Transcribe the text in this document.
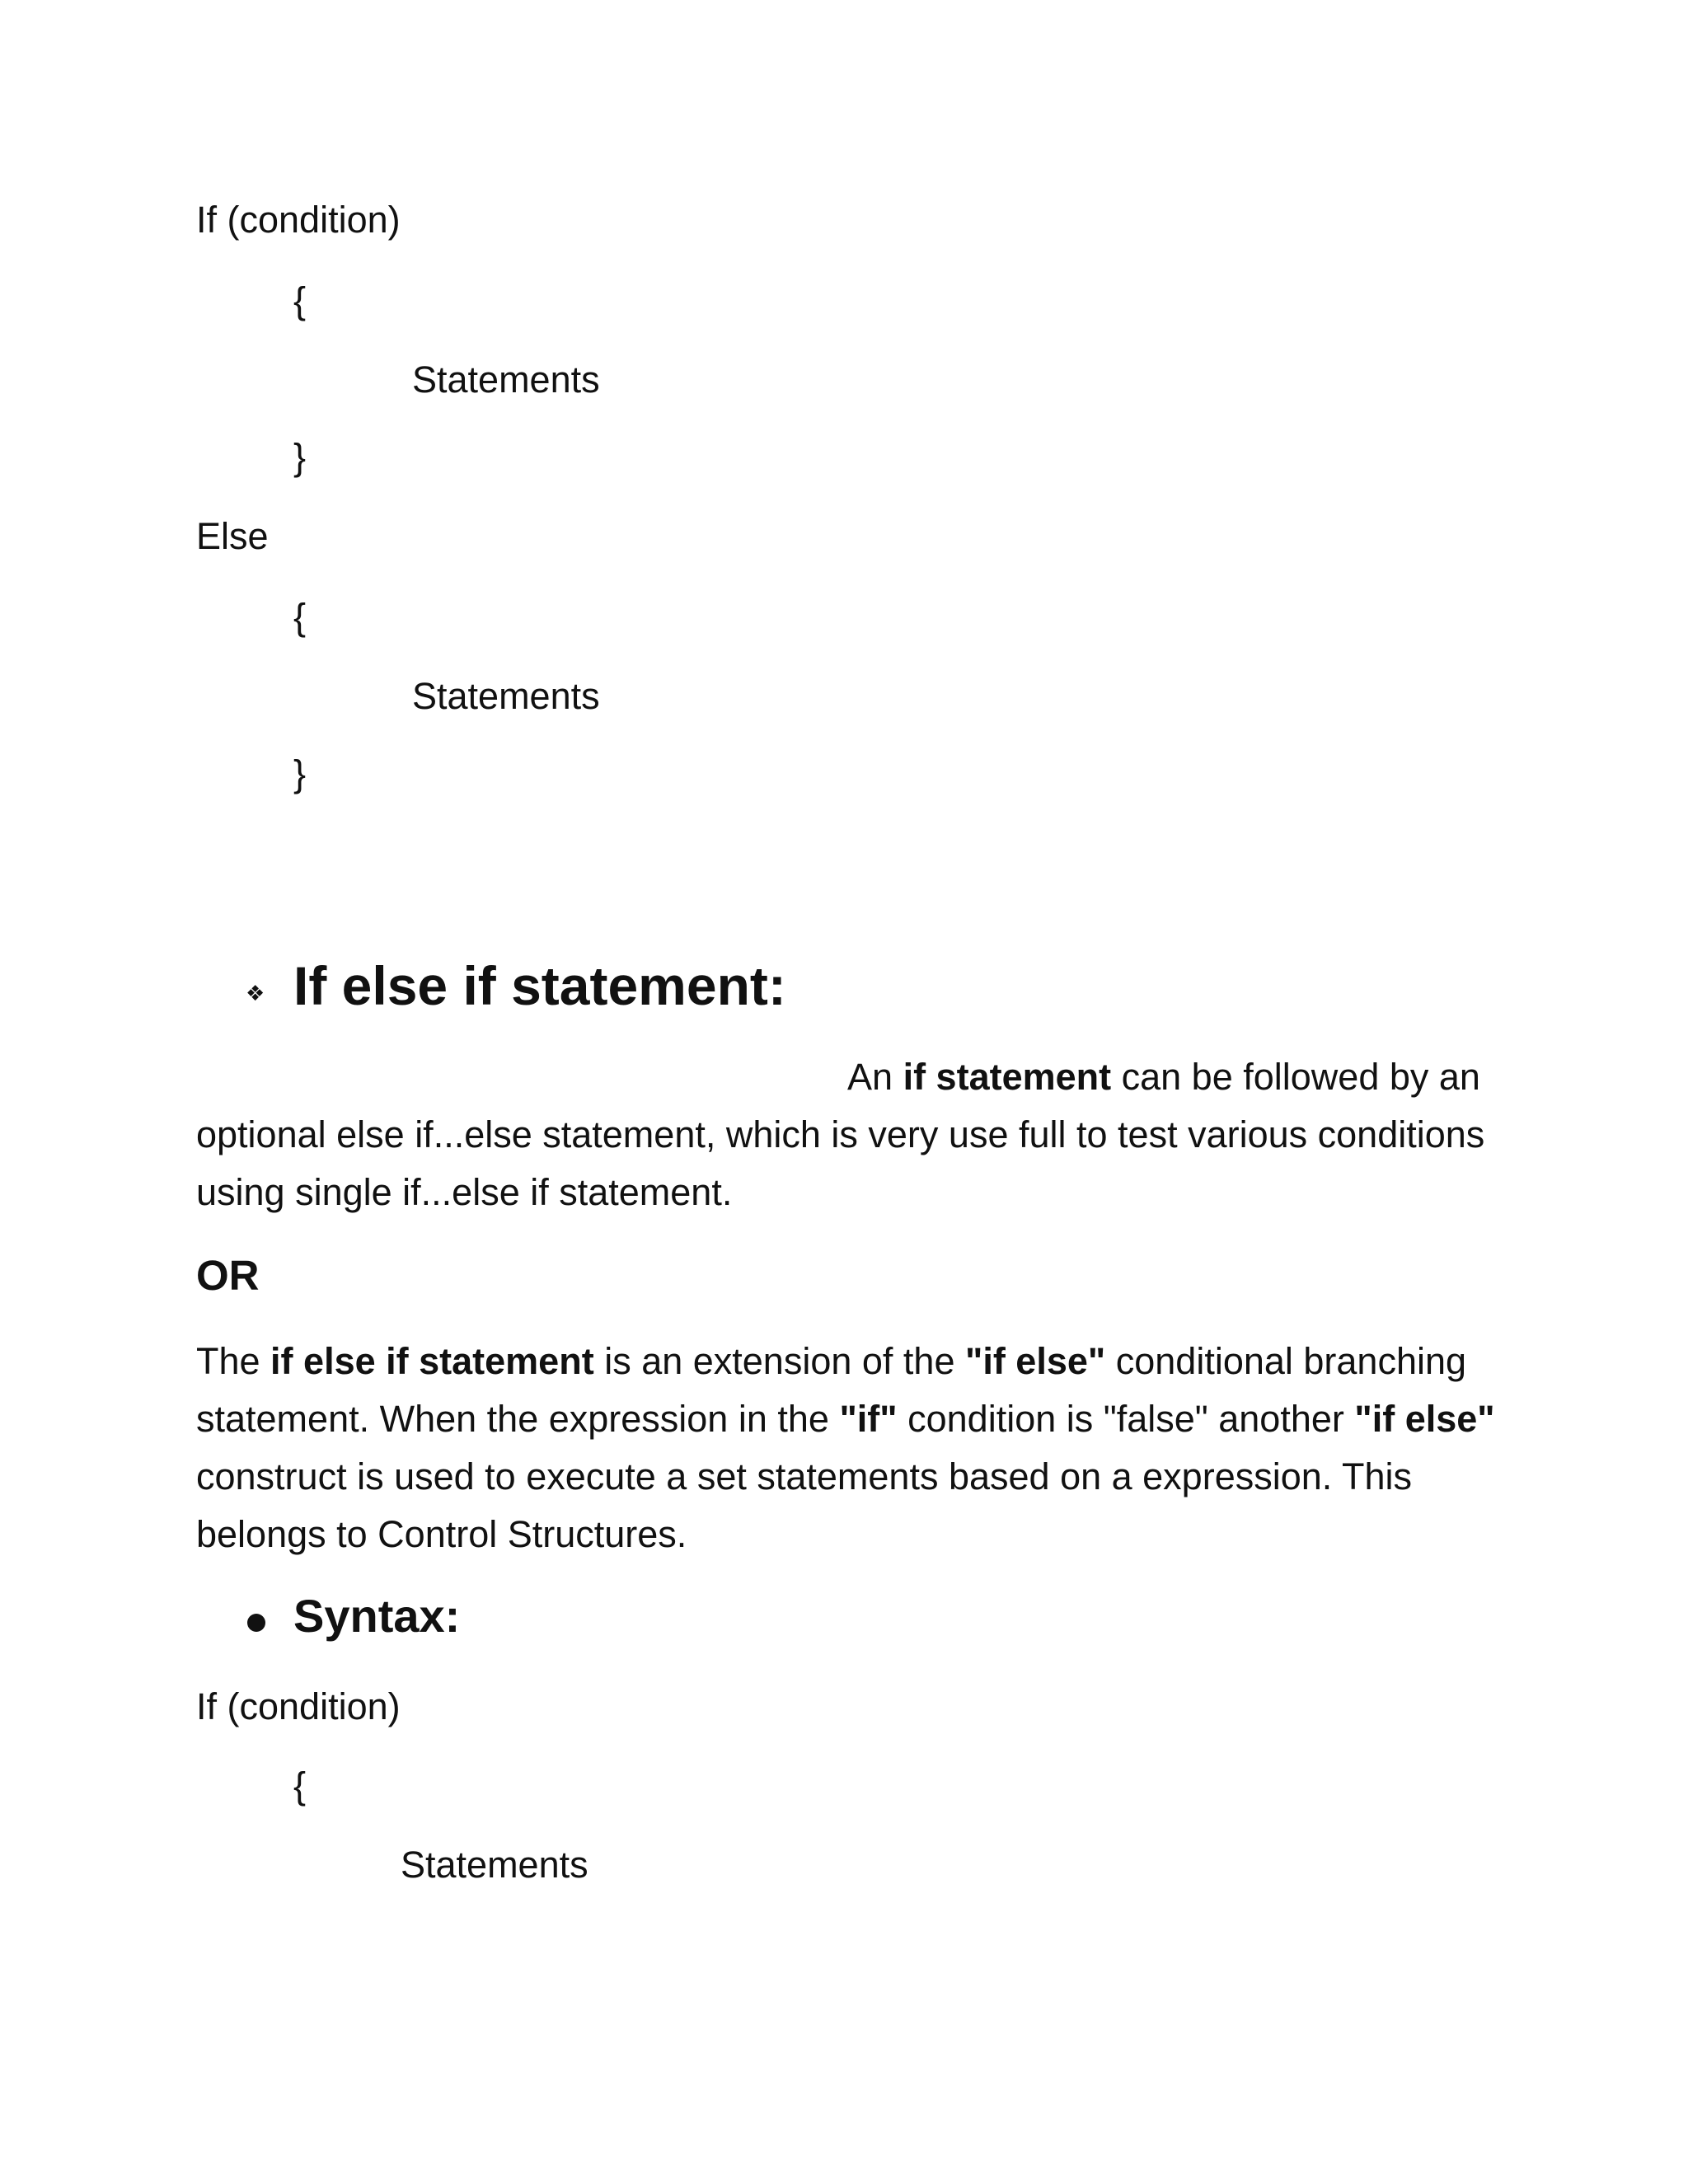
If (condition)

{

Statements

}

Else

{

Statements

}

❖ If else if statement:

An if statement can be followed by an optional else if...else statement, which is very use full to test various conditions using single if...else if statement.

OR

The if else if statement is an extension of the "if else" conditional branching statement. When the expression in the "if" condition is "false" another "if else" construct is used to execute a set statements based on a expression. This belongs to Control Structures.

Syntax:

If (condition)

{

Statements
